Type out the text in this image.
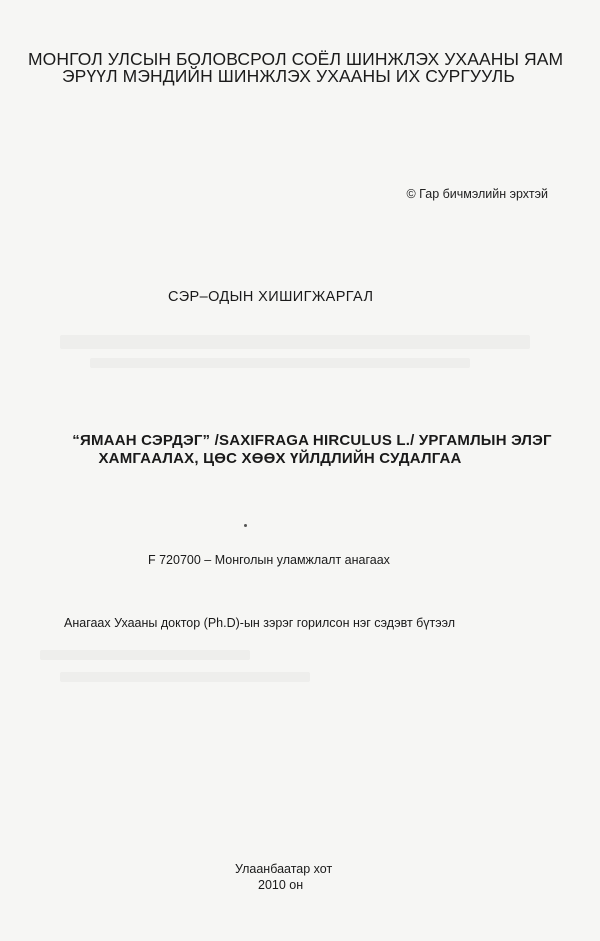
МОНГОЛ УЛСЫН БОЛОВСРОЛ СОЁЛ ШИНЖЛЭХ УХААНЫ ЯАМ
ЭРҮҮЛ МЭНДИЙН ШИНЖЛЭХ УХААНЫ ИХ СУРГУУЛЬ
© Гар бичмэлийн эрхтэй
СЭР–ОДЫН ХИШИГЖАРГАЛ
“ЯМААН СЭРДЭГ” /SAXIFRAGA HIRCULUS L./ УРГАМЛЫН ЭЛЭГ
ХАМГААЛАХ, ЦӨС ХӨӨХ ҮЙЛДЛИЙН СУДАЛГАА
F 720700 – Монголын уламжлалт анагаах
Анагаах Ухааны доктор (Ph.D)-ын зэрэг горилсон нэг сэдэвт бүтээл
Улаанбаатар хот
2010 он
